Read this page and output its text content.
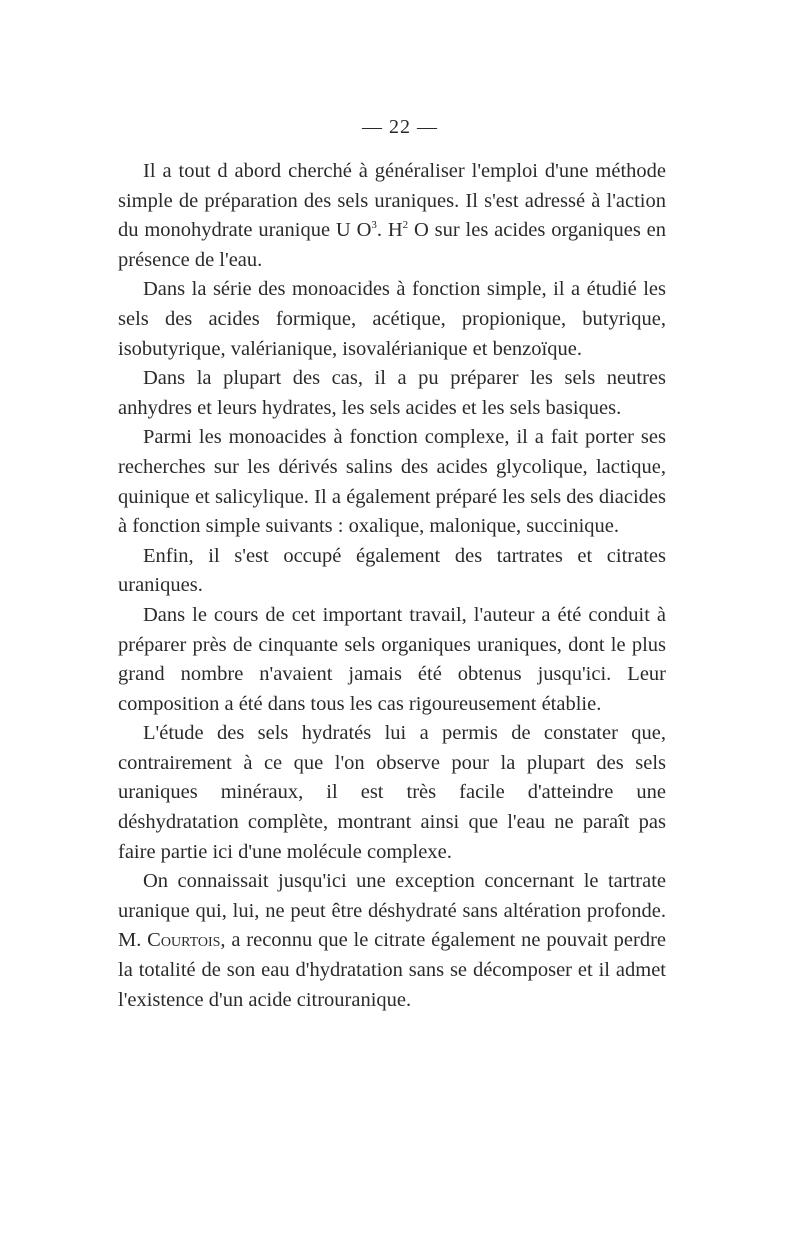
— 22 —

Il a tout d abord cherché à généraliser l'emploi d'une méthode simple de préparation des sels uraniques. Il s'est adressé à l'action du monohydrate uranique U $O^3$. $H^2$ O sur les acides organiques en présence de l'eau.

Dans la série des monoacides à fonction simple, il a étudié les sels des acides formique, acétique, propionique, butyrique, isobutyrique, valérianique, isovalérianique et benzoïque.

Dans la plupart des cas, il a pu préparer les sels neutres anhydres et leurs hydrates, les sels acides et les sels basiques.

Parmi les monoacides à fonction complexe, il a fait porter ses recherches sur les dérivés salins des acides glycolique, lactique, quinique et salicylique. Il a également préparé les sels des diacides à fonction simple suivants : oxalique, malonique, succinique.

Enfin, il s'est occupé également des tartrates et citrates uraniques.

Dans le cours de cet important travail, l'auteur a été conduit à préparer près de cinquante sels organiques uraniques, dont le plus grand nombre n'avaient jamais été obtenus jusqu'ici. Leur composition a été dans tous les cas rigoureusement établie.

L'étude des sels hydratés lui a permis de constater que, contrairement à ce que l'on observe pour la plupart des sels uraniques minéraux, il est très facile d'atteindre une déshydratation complète, montrant ainsi que l'eau ne paraît pas faire partie ici d'une molécule complexe.

On connaissait jusqu'ici une exception concernant le tartrate uranique qui, lui, ne peut être déshydraté sans altération profonde. M. Courtois, a reconnu que le citrate également ne pouvait perdre la totalité de son eau d'hydratation sans se décomposer et il admet l'existence d'un acide citrouranique.
